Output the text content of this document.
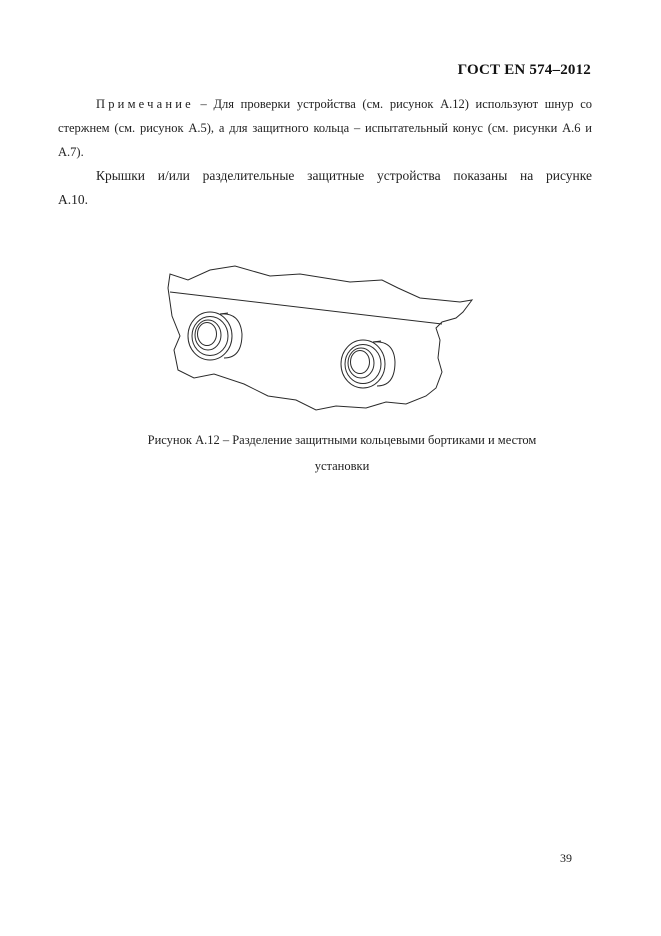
ГОСТ EN 574–2012
Примечание – Для проверки устройства (см. рисунок А.12) используют шнур со стержнем (см. рисунок А.5), а для защитного кольца – испытательный конус (см. рисунки А.6 и А.7).
Крышки и/или разделительные защитные устройства показаны на рисунке А.10.
Рисунок А.12 – Разделение защитными кольцевыми бортиками и местом
установки
39
